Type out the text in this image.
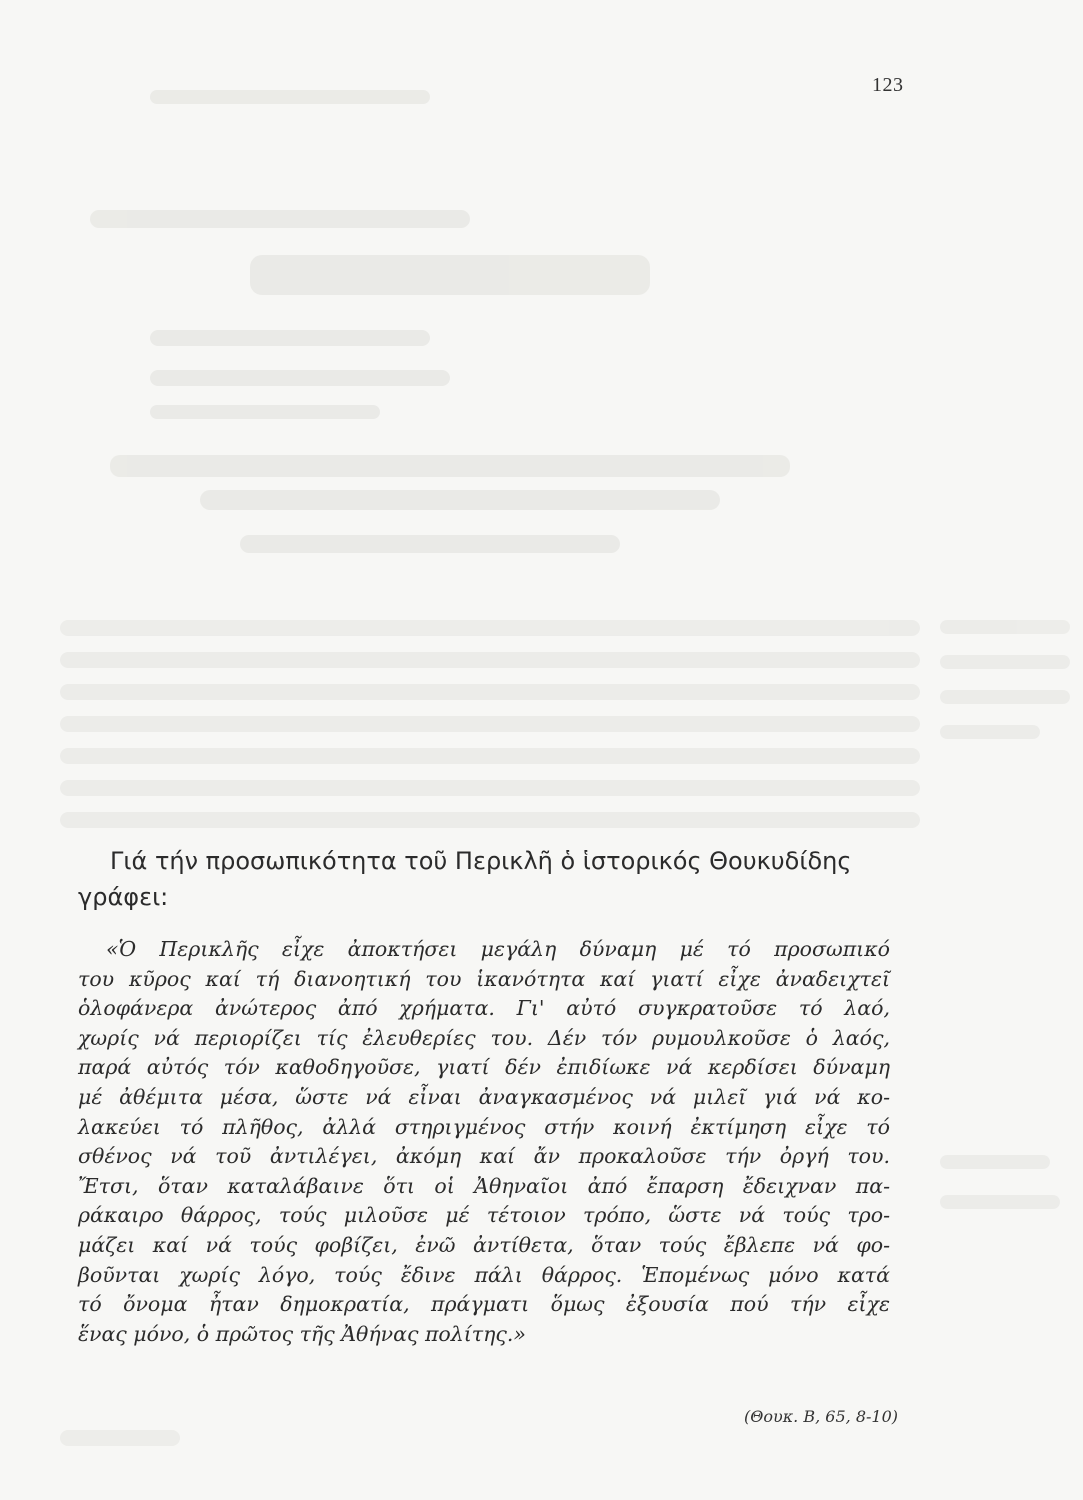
123
Γιά τήν προσωπικότητα τοῦ Περικλῆ ὁ ἱστορικός Θουκυδίδης γράφει:
«Ὁ Περικλῆς εἶχε ἀποκτήσει μεγάλη δύναμη μέ τό προσωπικό
του κῦρος καί τή διανοητική του ἱκανότητα καί γιατί εἶχε ἀναδειχτεῖ
ὁλοφάνερα ἀνώτερος ἀπό χρήματα. Γι' αὐτό συγκρατοῦσε τό λαό,
χωρίς νά περιορίζει τίς ἐλευθερίες του. Δέν τόν ρυμουλκοῦσε ὁ λαός,
παρά αὐτός τόν καθοδηγοῦσε, γιατί δέν ἐπιδίωκε νά κερδίσει δύναμη
μέ ἀθέμιτα μέσα, ὥστε νά εἶναι ἀναγκασμένος νά μιλεῖ γιά νά κο-
λακεύει τό πλῆθος, ἀλλά στηριγμένος στήν κοινή ἐκτίμηση εἶχε τό
σθένος νά τοῦ ἀντιλέγει, ἀκόμη καί ἄν προκαλοῦσε τήν ὀργή του.
Ἔτσι, ὅταν καταλάβαινε ὅτι οἱ Ἀθηναῖοι ἀπό ἔπαρση ἔδειχναν πα-
ράκαιρο θάρρος, τούς μιλοῦσε μέ τέτοιον τρόπο, ὥστε νά τούς τρο-
μάζει καί νά τούς φοβίζει, ἐνῶ ἀντίθετα, ὅταν τούς ἔβλεπε νά φο-
βοῦνται χωρίς λόγο, τούς ἔδινε πάλι θάρρος. Ἑπομένως μόνο κατά
τό ὄνομα ἦταν δημοκρατία, πράγματι ὅμως ἐξουσία πού τήν εἶχε
ἕνας μόνο, ὁ πρῶτος τῆς Ἀθήνας πολίτης.»
(Θουκ. Β, 65, 8-10)
